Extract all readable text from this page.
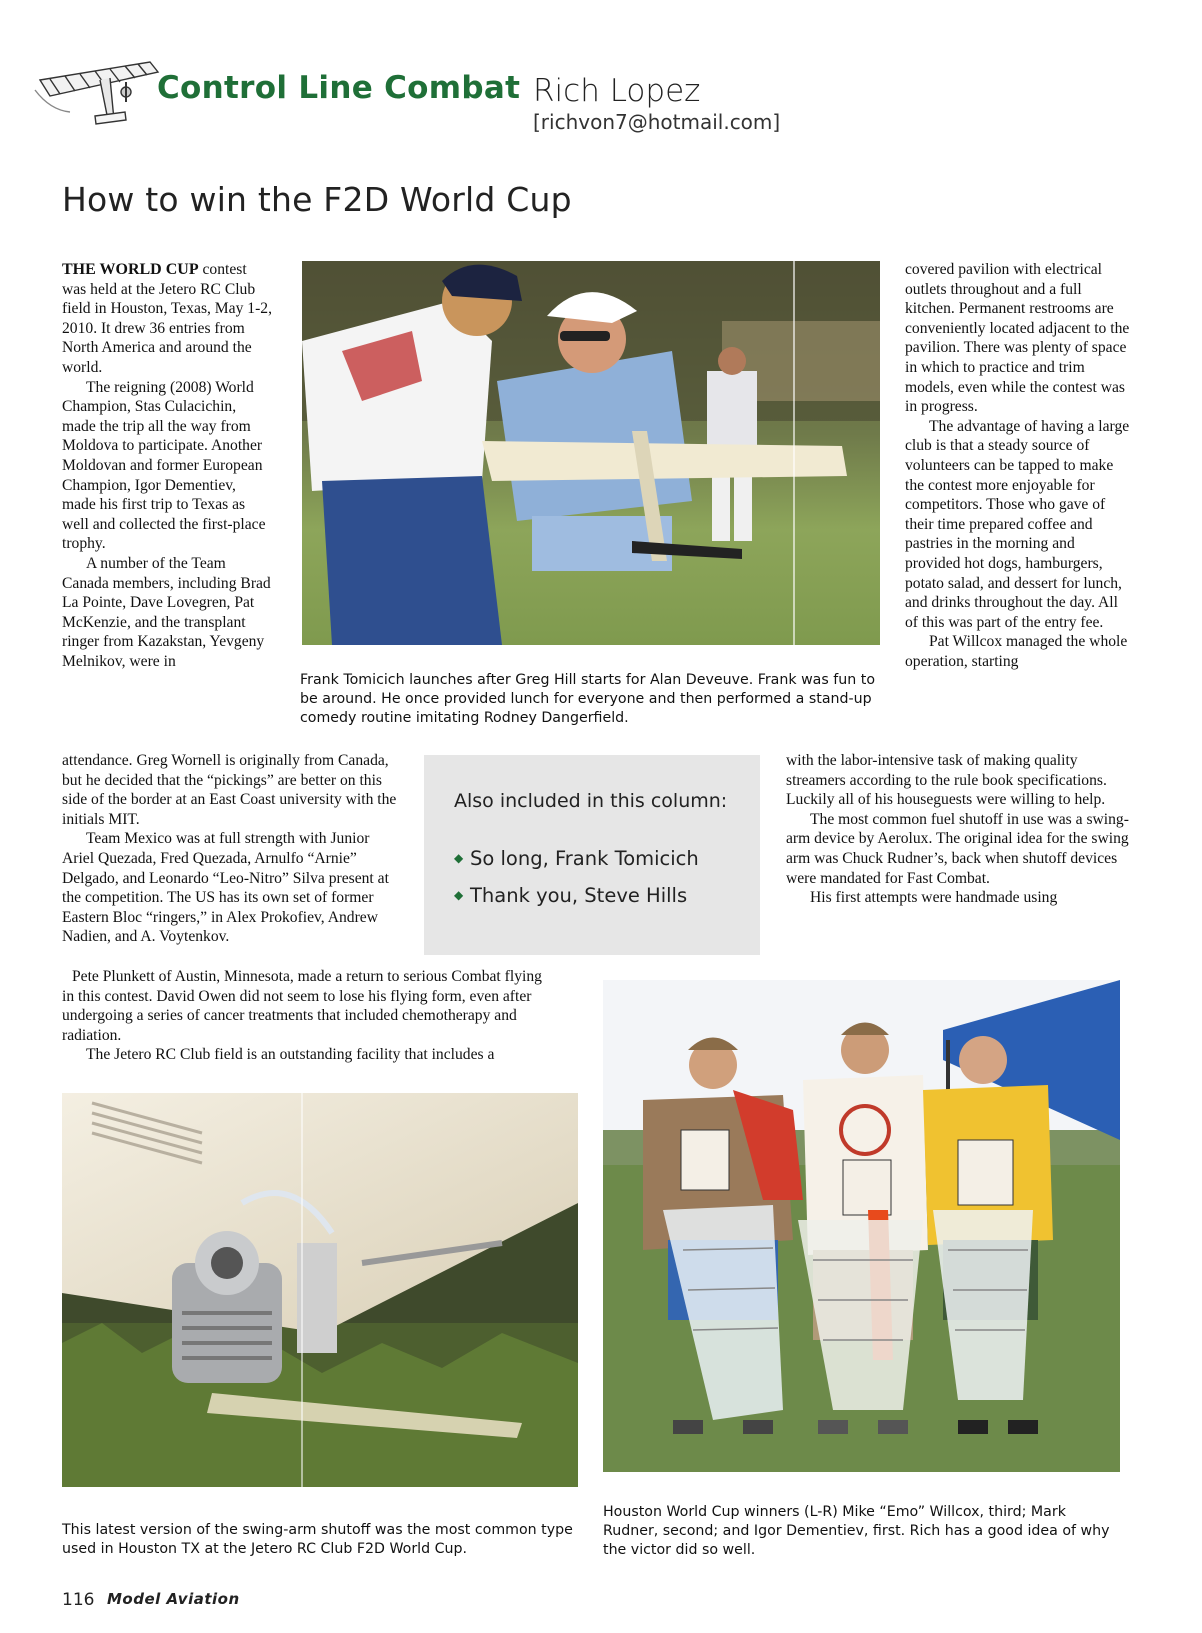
Control Line Combat Rich Lopez
[richvon7@hotmail.com]
How to win the F2D World Cup

THE WORLD CUP contest was held at the Jetero RC Club field in Houston, Texas, May 1-2, 2010. It drew 36 entries from North America and around the world.

The reigning (2008) World Champion, Stas Culacichin, made the trip all the way from Moldova to participate. Another Moldovan and former European Champion, Igor Dementiev, made his first trip to Texas as well and collected the first-place trophy.

A number of the Team Canada members, including Brad La Pointe, Dave Lovegren, Pat McKenzie, and the transplant ringer from Kazakstan, Yevgeny Melnikov, were in

attendance. Greg Wornell is originally from Canada, but he decided that the “pickings” are better on this side of the border at an East Coast university with the initials MIT.

Team Mexico was at full strength with Junior Ariel Quezada, Fred Quezada, Arnulfo “Arnie” Delgado, and Leonardo “Leo-Nitro” Silva present at the competition. The US has its own set of former Eastern Bloc “ringers,” in Alex Prokofiev, Andrew Nadien, and A. Voytenkov.

Pete Plunkett of Austin, Minnesota, made a return to serious Combat flying in this contest. David Owen did not seem to lose his flying form, even after undergoing a series of cancer treatments that included chemotherapy and radiation.

The Jetero RC Club field is an outstanding facility that includes a

covered pavilion with electrical outlets throughout and a full kitchen. Permanent restrooms are conveniently located adjacent to the pavilion. There was plenty of space in which to practice and trim models, even while the contest was in progress.

The advantage of having a large club is that a steady source of volunteers can be tapped to make the contest more enjoyable for competitors. Those who gave of their time prepared coffee and pastries in the morning and provided hot dogs, hamburgers, potato salad, and dessert for lunch, and drinks throughout the day. All of this was part of the entry fee.

Pat Willcox managed the whole operation, starting

with the labor-intensive task of making quality streamers according to the rule book specifications. Luckily all of his houseguests were willing to help.

The most common fuel shutoff in use was a swing-arm device by Aerolux. The original idea for the swing arm was Chuck Rudner’s, back when shutoff devices were mandated for Fast Combat.

His first attempts were handmade using

Frank Tomicich launches after Greg Hill starts for Alan Deveuve. Frank was fun to be around. He once provided lunch for everyone and then performed a stand-up comedy routine imitating Rodney Dangerfield.
Also included in this column:
◆ So long, Frank Tomicich
◆ Thank you, Steve Hills
This latest version of the swing-arm shutoff was the most common type used in Houston TX at the Jetero RC Club F2D World Cup.
Houston World Cup winners (L-R) Mike “Emo” Willcox, third; Mark Rudner, second; and Igor Dementiev, first. Rich has a good idea of why the victor did so well.
116 Model Aviation
